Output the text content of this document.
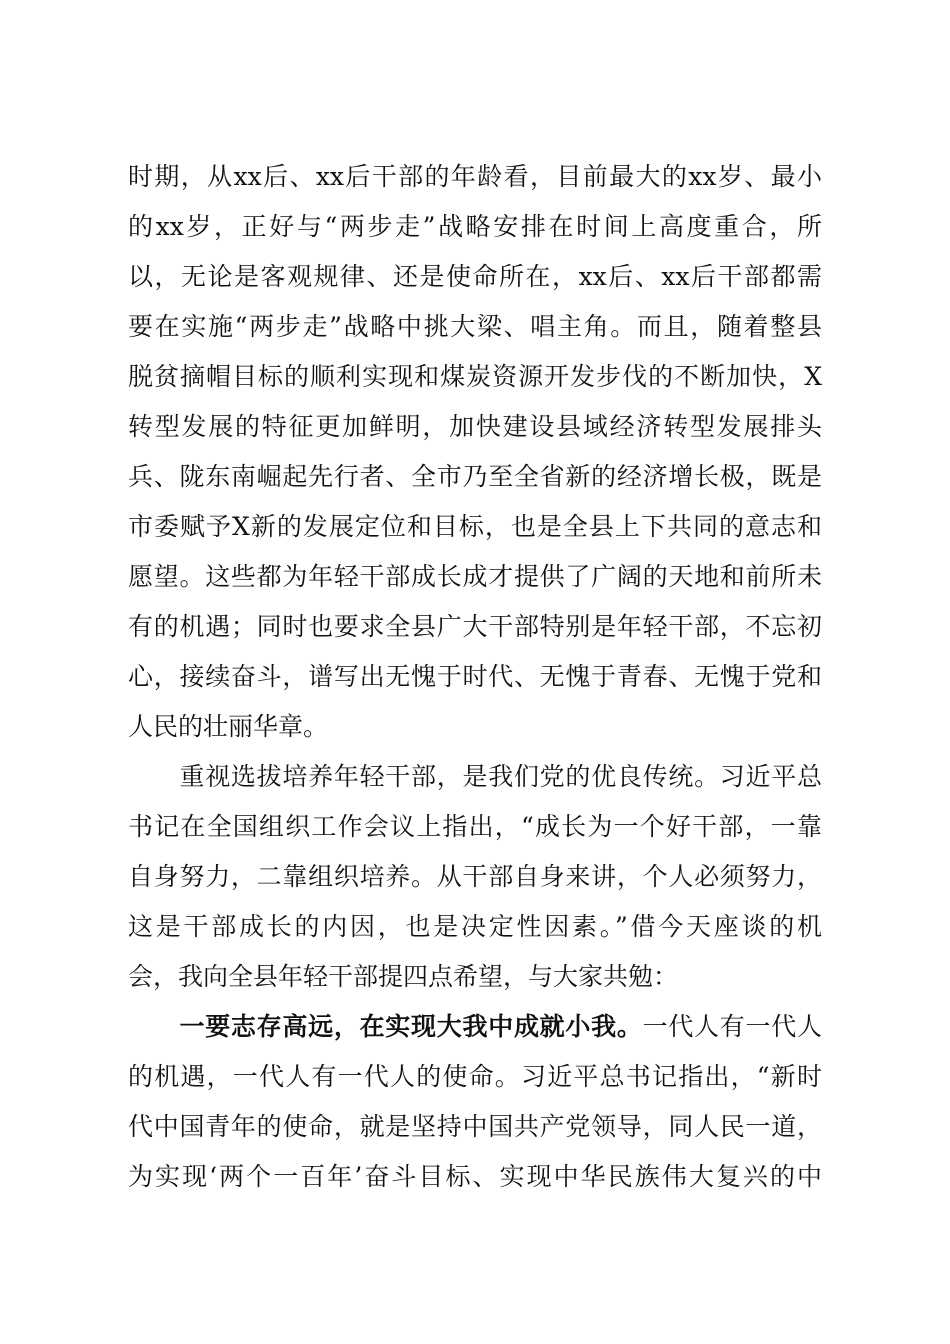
时期，从xx后、xx后干部的年龄看，目前最大的xx岁、最小
的xx岁，正好与“两步走”战略安排在时间上高度重合，所
以，无论是客观规律、还是使命所在，xx后、xx后干部都需
要在实施“两步走”战略中挑大梁、唱主角。而且，随着整县
脱贫摘帽目标的顺利实现和煤炭资源开发步伐的不断加快，X
转型发展的特征更加鲜明，加快建设县域经济转型发展排头
兵、陇东南崛起先行者、全市乃至全省新的经济增长极，既是
市委赋予X新的发展定位和目标，也是全县上下共同的意志和
愿望。这些都为年轻干部成长成才提供了广阔的天地和前所未
有的机遇；同时也要求全县广大干部特别是年轻干部，不忘初
心，接续奋斗，谱写出无愧于时代、无愧于青春、无愧于党和
人民的壮丽华章。
　　重视选拔培养年轻干部，是我们党的优良传统。习近平总
书记在全国组织工作会议上指出，“成长为一个好干部，一靠
自身努力，二靠组织培养。从干部自身来讲，个人必须努力，
这是干部成长的内因，也是决定性因素。”借今天座谈的机
会，我向全县年轻干部提四点希望，与大家共勉：
　　一要志存高远，在实现大我中成就小我。一代人有一代人
的机遇，一代人有一代人的使命。习近平总书记指出，“新时
代中国青年的使命，就是坚持中国共产党领导，同人民一道，
为实现‘两个一百年’奋斗目标、实现中华民族伟大复兴的中
